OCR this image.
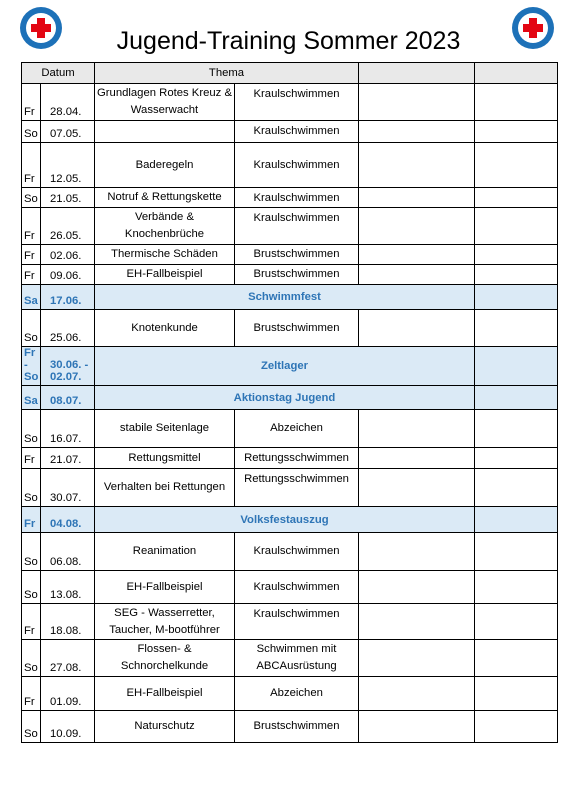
Jugend-Training Sommer 2023
Datum		Thema			
Fr	28.04.	Grundlagen Rotes Kreuz & Wasserwacht	Kraulschwimmen		
So	07.05.		Kraulschwimmen		
Fr	12.05.	Baderegeln	Kraulschwimmen		
So	21.05.	Notruf & Rettungskette	Kraulschwimmen		
Fr	26.05.	Verbände & Knochenbrüche	Kraulschwimmen		
Fr	02.06.	Thermische Schäden	Brustschwimmen		
Fr	09.06.	EH-Fallbeispiel	Brustschwimmen		
Sa	17.06.	Schwimmfest			
So	25.06.	Knotenkunde	Brustschwimmen		
Fr - So	30.06. - 02.07.	Zeltlager			
Sa	08.07.	Aktionstag Jugend			
So	16.07.	stabile Seitenlage	Abzeichen		
Fr	21.07.	Rettungsmittel	Rettungsschwimmen		
So	30.07.	Verhalten bei Rettungen	Rettungsschwimmen		
Fr	04.08.	Volksfestauszug			
So	06.08.	Reanimation	Kraulschwimmen		
So	13.08.	EH-Fallbeispiel	Kraulschwimmen		
Fr	18.08.	SEG - Wasserretter, Taucher, M-bootführer	Kraulschwimmen		
So	27.08.	Flossen- & Schnorchelkunde	Schwimmen mit ABCAusrüstung		
Fr	01.09.	EH-Fallbeispiel	Abzeichen		
So	10.09.	Naturschutz	Brustschwimmen		
